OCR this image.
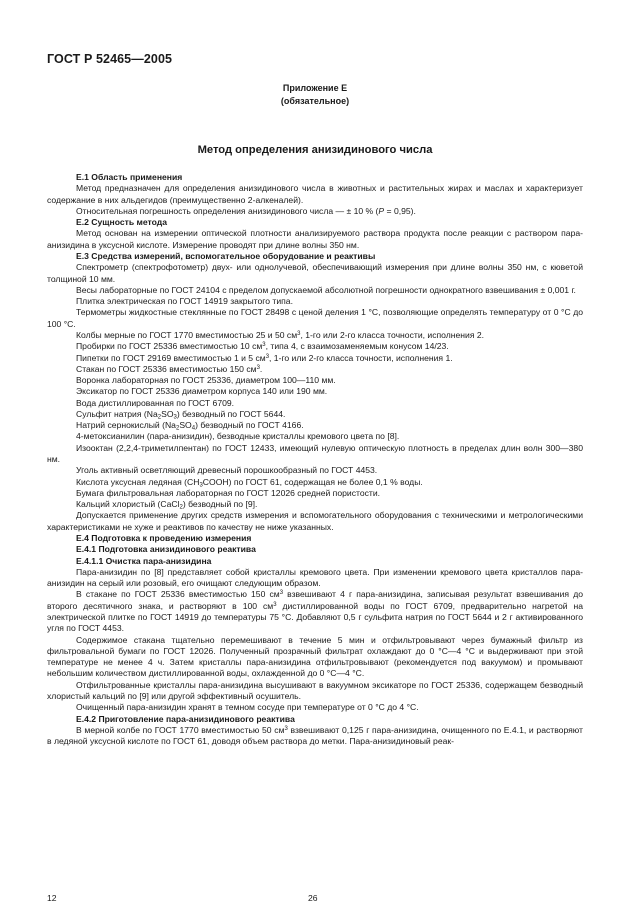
ГОСТ Р 52465—2005
Приложение Е
(обязательное)
Метод определения анизидинового числа
Е.1 Область применения
Метод предназначен для определения анизидинового числа в животных и растительных жирах и маслах и характеризует содержание в них альдегидов (преимущественно 2-алкеналей).
Относительная погрешность определения анизидинового числа — ± 10 % (P = 0,95).
Е.2 Сущность метода
Метод основан на измерении оптической плотности анализируемого раствора продукта после реакции с раствором пара-анизидина в уксусной кислоте. Измерение проводят при длине волны 350 нм.
Е.3 Средства измерений, вспомогательное оборудование и реактивы
Спектрометр (спектрофотометр) двух- или однолучевой, обеспечивающий измерения при длине волны 350 нм, с кюветой толщиной 10 мм.
Весы лабораторные по ГОСТ 24104 с пределом допускаемой абсолютной погрешности однократного взвешивания ± 0,001 г.
Плитка электрическая по ГОСТ 14919 закрытого типа.
Термометры жидкостные стеклянные по ГОСТ 28498 с ценой деления 1 °С, позволяющие определять температуру от 0 °С до 100 °С.
Колбы мерные по ГОСТ 1770 вместимостью 25 и 50 $см^3$, 1-го или 2-го класса точности, исполнения 2.
Пробирки по ГОСТ 25336 вместимостью 10 $см^3$, типа 4, с взаимозаменяемым конусом 14/23.
Пипетки по ГОСТ 29169 вместимостью 1 и 5 $см^3$, 1-го или 2-го класса точности, исполнения 1.
Стакан по ГОСТ 25336 вместимостью 150 $см^3$.
Воронка лабораторная по ГОСТ 25336, диаметром 100—110 мм.
Эксикатор по ГОСТ 25336 диаметром корпуса 140 или 190 мм.
Вода дистиллированная по ГОСТ 6709.
Сульфит натрия $(Na_2SO_3)$ безводный по ГОСТ 5644.
Натрий сернокислый $(Na_2SO_4)$ безводный по ГОСТ 4166.
4-метоксианилин (пара-анизидин), безводные кристаллы кремового цвета по [8].
Изооктан (2,2,4-триметилпентан) по ГОСТ 12433, имеющий нулевую оптическую плотность в пределах длин волн 300—380 нм.
Уголь активный осветляющий древесный порошкообразный по ГОСТ 4453.
Кислота уксусная ледяная $(CH_3COOH)$ по ГОСТ 61, содержащая не более 0,1 % воды.
Бумага фильтровальная лабораторная по ГОСТ 12026 средней пористости.
Кальций хлористый (CaCl$_2$) безводный по [9].
Допускается применение других средств измерения и вспомогательного оборудования с техническими и метрологическими характеристиками не хуже и реактивов по качеству не ниже указанных.
Е.4 Подготовка к проведению измерения
Е.4.1 Подготовка анизидинового реактива
Е.4.1.1 Очистка пара-анизидина
Пара-анизидин по [8] представляет собой кристаллы кремового цвета. При изменении кремового цвета кристаллов пара-анизидин на серый или розовый, его очищают следующим образом.
В стакане по ГОСТ 25336 вместимостью 150 $см^3$ взвешивают 4 г пара-анизидина, записывая результат взвешивания до второго десятичного знака, и растворяют в 100 $см^3$ дистиллированной воды по ГОСТ 6709, предварительно нагретой на электрической плитке по ГОСТ 14919 до температуры 75 °С. Добавляют 0,5 г сульфита натрия по ГОСТ 5644 и 2 г активированного угля по ГОСТ 4453.
Содержимое стакана тщательно перемешивают в течение 5 мин и отфильтровывают через бумажный фильтр из фильтровальной бумаги по ГОСТ 12026. Полученный прозрачный фильтрат охлаждают до 0 °С—4 °С и выдерживают при этой температуре не менее 4 ч. Затем кристаллы пара-анизидина отфильтровывают (рекомендуется под вакуумом) и промывают небольшим количеством дистиллированной воды, охлажденной до 0 °С—4 °С.
Отфильтрованные кристаллы пара-анизидина высушивают в вакуумном эксикаторе по ГОСТ 25336, содержащем безводный хлористый кальций по [9] или другой эффективный осушитель.
Очищенный пара-анизидин хранят в темном сосуде при температуре от 0 °С до 4 °С.
Е.4.2 Приготовление пара-анизидинового реактива
В мерной колбе по ГОСТ 1770 вместимостью 50 $см^3$ взвешивают 0,125 г пара-анизидина, очищенного по Е.4.1, и растворяют в ледяной уксусной кислоте по ГОСТ 61, доводя объем раствора до метки. Пара-анизидиновый реак-
12	26
